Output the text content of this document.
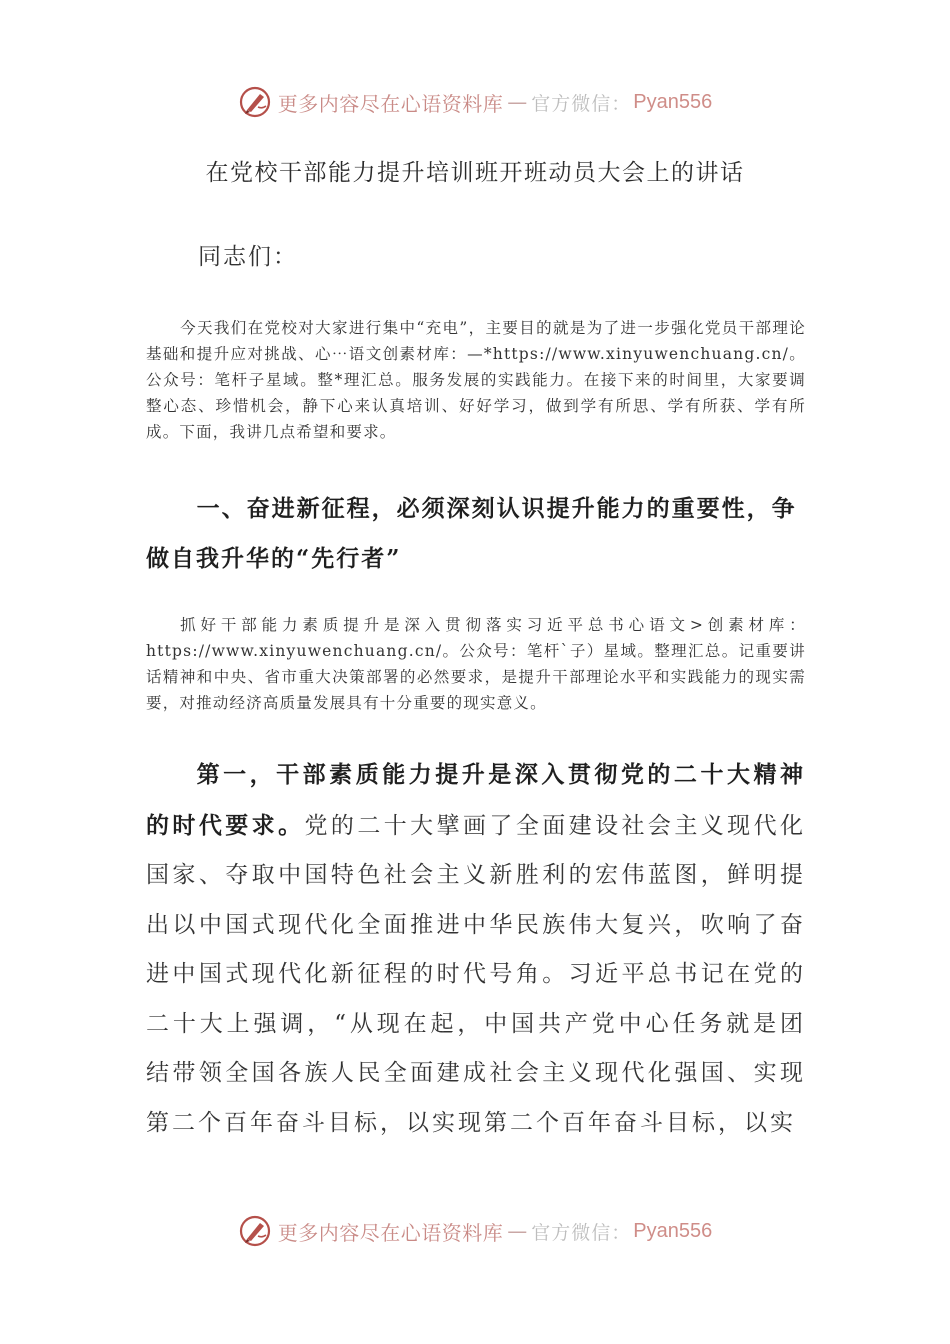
更多内容尽在心语资料库 — 官方微信： Pyan556
在党校干部能力提升培训班开班动员大会上的讲话
同志们：

今天我们在党校对大家进行集中“充电”，主要目的就是为了进一步强化党员干部理论基础和提升应对挑战、心⋯语文创素材库：—*https://www.xinyuwenchuang.cn/。公众号：笔杆子星域。整*理汇总。服务发展的实践能力。在接下来的时间里，大家要调整心态、珍惜机会，静下心来认真培训、好好学习，做到学有所思、学有所获、学有所成。下面，我讲几点希望和要求。

一、奋进新征程，必须深刻认识提升能力的重要性，争做自我升华的“先行者”

抓好干部能力素质提升是深入贯彻落实习近平总书心语文>创素材库：https://www.xinyuwenchuang.cn/。公众号：笔杆`子）星域。整理汇总。记重要讲话精神和中央、省市重大决策部署的必然要求，是提升干部理论水平和实践能力的现实需要，对推动经济高质量发展具有十分重要的现实意义。

第一，干部素质能力提升是深入贯彻党的二十大精神的时代要求。党的二十大擘画了全面建设社会主义现代化国家、夺取中国特色社会主义新胜利的宏伟蓝图，鲜明提出以中国式现代化全面推进中华民族伟大复兴，吹响了奋进中国式现代化新征程的时代号角。习近平总书记在党的二十大上强调，“从现在起，中国共产党中心任务就是团结带领全国各族人民全面建成社会主义现代化强国、实现第二个百年奋斗目标，以实现第二个百年奋斗目标，以实

更多内容尽在心语资料库 — 官方微信： Pyan556
